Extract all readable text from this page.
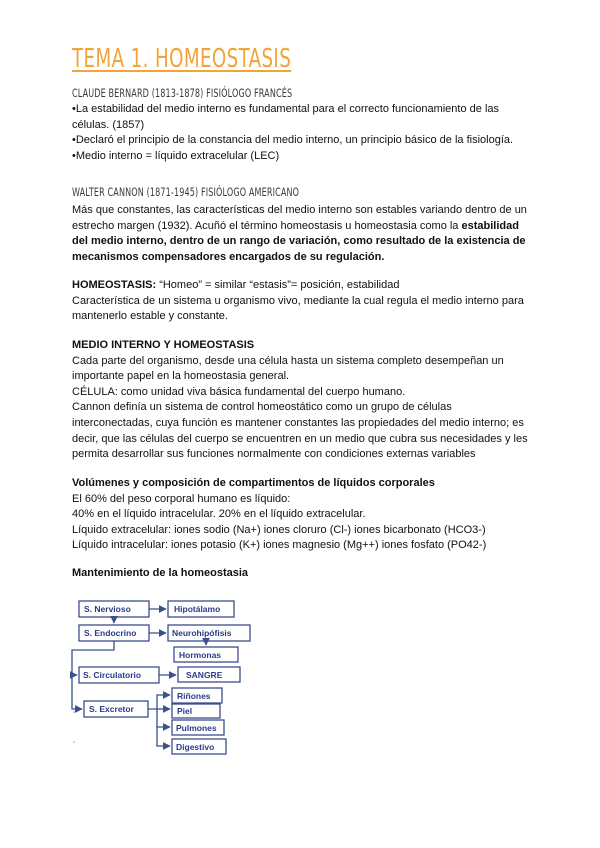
TEMA 1. HOMEOSTASIS
CLAUDE BERNARD (1813-1878) FISIÓLOGO FRANCÉS

•La estabilidad del medio interno es fundamental para el correcto funcionamiento de las células. (1857)

•Declaró el principio de la constancia del medio interno, un principio básico de la fisiología.

•Medio interno = líquido extracelular (LEC)

WALTER CANNON (1871-1945) FISIÓLOGO AMERICANO

Más que constantes, las características del medio interno son estables variando dentro de un estrecho margen (1932). Acuñó el término homeostasis u homeostasia como la estabilidad del medio interno, dentro de un rango de variación, como resultado de la existencia de mecanismos compensadores encargados de su regulación.

HOMEOSTASIS: “Homeo” = similar “estasis”= posición, estabilidad

Característica de un sistema u organismo vivo, mediante la cual regula el medio interno para mantenerlo estable y constante.

MEDIO INTERNO Y HOMEOSTASIS

Cada parte del organismo, desde una célula hasta un sistema completo desempeñan un importante papel en la homeostasia general.

CÉLULA: como unidad viva básica fundamental del cuerpo humano.

Cannon definía un sistema de control homeostático como un grupo de células interconectadas, cuya función es mantener constantes las propiedades del medio interno; es decir, que las células del cuerpo se encuentren en un medio que cubra sus necesidades y les permita desarrollar sus funciones normalmente con condiciones externas variables

Volúmenes y composición de compartimentos de líquidos corporales

El 60% del peso corporal humano es líquido:

40% en el líquido intracelular. 20% en el líquido extracelular.

Líquido extracelular: iones sodio (Na+) iones cloruro (Cl-) iones bicarbonato (HCO3-)

Líquido intracelular: iones potasio (K+) iones magnesio (Mg++) iones fosfato (PO42-)

Mantenimiento de la homeostasia

S. Nervioso
S. Endocrino
S. Circulatorio
S. Excretor
Hipotálamo
Neurohipófisis
Hormonas
SANGRE
Riñones
Piel
Pulmones
Digestivo
